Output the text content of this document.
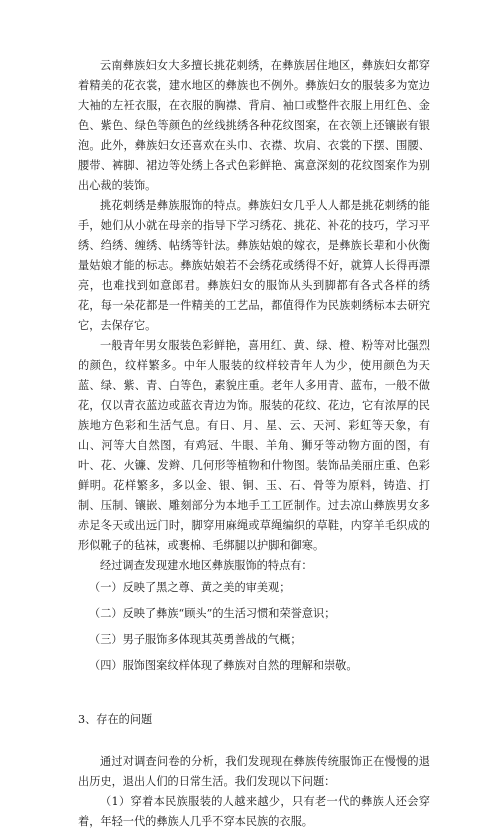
云南彝族妇女大多擅长挑花刺绣，在彝族居住地区，彝族妇女都穿着精美的花衣裳，建水地区的彝族也不例外。彝族妇女的服装多为宽边大袖的左衽衣服，在衣服的胸襟、背肩、袖口或整件衣服上用红色、金色、紫色、绿色等颜色的丝线挑绣各种花纹图案，在衣领上还镶嵌有银泡。此外，彝族妇女还喜欢在头巾、衣襟、坎肩、衣裳的下摆、围腰、腰带、裤脚、裙边等处绣上各式色彩鲜艳、寓意深刻的花纹图案作为别出心裁的装饰。

挑花刺绣是彝族服饰的特点。彝族妇女几乎人人都是挑花刺绣的能手，她们从小就在母亲的指导下学习绣花、挑花、补花的技巧，学习平绣、绉绣、缠绣、帖绣等针法。彝族姑娘的嫁衣，是彝族长辈和小伙衡量姑娘才能的标志。彝族姑娘若不会绣花或绣得不好，就算人长得再漂亮，也难找到如意郎君。彝族妇女的服饰从头到脚都有各式各样的绣花，每一朵花都是一件精美的工艺品，都值得作为民族刺绣标本去研究它，去保存它。

一般青年男女服装色彩鲜艳，喜用红、黄、绿、橙、粉等对比强烈的颜色，纹样繁多。中年人服装的纹样较青年人为少，使用颜色为天蓝、绿、紫、青、白等色，素貌庄重。老年人多用青、蓝布，一般不做花，仅以青衣蓝边或蓝衣青边为饰。服装的花纹、花边，它有浓厚的民族地方色彩和生活气息。有日、月、星、云、天河、彩虹等天象，有山、河等大自然图，有鸡冠、牛眼、羊角、狮牙等动物方面的图，有叶、花、火镰、发辫、几何形等植物和什物图。装饰品美丽庄重、色彩鲜明。花样繁多，多以金、银、铜、玉、石、骨等为原料，铸造、打制、压制、镶嵌、雕刻部分为本地手工工匠制作。过去凉山彝族男女多赤足冬天或出远门时，脚穿用麻绳或草绳编织的草鞋，内穿羊毛织成的形似靴子的毡袜，或裹棉、毛绑腿以护脚和御寒。

经过调查发现建水地区彝族服饰的特点有：

（一）反映了黑之尊、黄之美的审美观；
（二）反映了彝族“顾头”的生活习惯和荣誉意识；
（三）男子服饰多体现其英勇善战的气概；
（四）服饰图案纹样体现了彝族对自然的理解和崇敬。

3、存在的问题

通过对调查问卷的分析，我们发现现在彝族传统服饰正在慢慢的退出历史，退出人们的日常生活。我们发现以下问题：

（1）穿着本民族服装的人越来越少，只有老一代的彝族人还会穿着，年轻一代的彝族人几乎不穿本民族的衣服。
